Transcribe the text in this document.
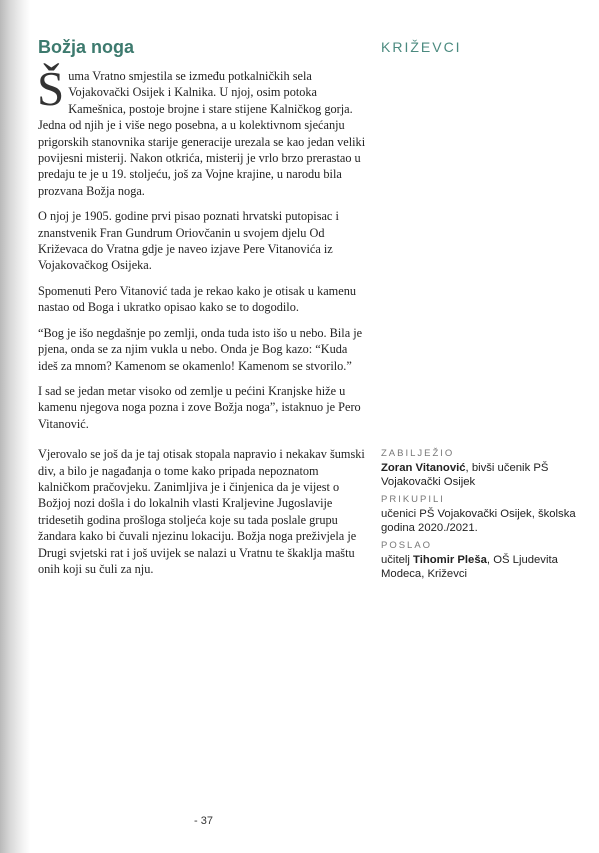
Božja noga	KRIŽEVCI

Šuma Vratno smjestila se između potkalničkih sela Vojakovački Osijek i Kalnika. U njoj, osim potoka Kamešnica, postoje brojne i stare stijene Kalničkog gorja. Jedna od njih je i više nego posebna, a u kolektivnom sjećanju prigorskih stanovnika starije generacije urezala se kao jedan veliki povijesni misterij. Nakon otkrića, misterij je vrlo brzo prerastao u predaju te je u 19. stoljeću, još za Vojne krajine, u narodu bila prozvana Božja noga.

O njoj je 1905. godine prvi pisao poznati hrvatski putopisac i znanstvenik Fran Gundrum Oriovčanin u svojem djelu Od Križevaca do Vratna gdje je naveo izjave Pere Vitanovića iz Vojakovačkog Osijeka.

Spomenuti Pero Vitanović tada je rekao kako je otisak u kamenu nastao od Boga i ukratko opisao kako se to dogodilo.

“Bog je išo negdašnje po zemlji, onda tuda isto išo u nebo. Bila je pjena, onda se za njim vukla u nebo. Onda je Bog kazo: “Kuda ideš za mnom? Kamenom se okamenlo! Kamenom se stvorilo.”

I sad se jedan metar visoko od zemlje u pećini Kranjske hiže u kamenu njegova noga pozna i zove Božja noga”, istaknuo je Pero Vitanović.

Vjerovalo se još da je taj otisak stopala napravio i nekakav šumski div, a bilo je nagađanja o tome kako pripada nepoznatom kalničkom pračovjeku. Zanimljiva je i činjenica da je vijest o Božjoj nozi došla i do lokalnih vlasti Kraljevine Jugoslavije tridesetih godina prošloga stoljeća koje su tada poslale grupu žandara kako bi čuvali njezinu lokaciju. Božja noga preživjela je Drugi svjetski rat i još uvijek se nalazi u Vratnu te škaklja maštu onih koji su čuli za nju.

ZABILJEŽIO
Zoran Vitanović, bivši učenik PŠ Vojakovački Osijek
PRIKUPILI
učenici PŠ Vojakovački Osijek, školska godina 2020./2021.
POSLAO
učitelj Tihomir Pleša, OŠ Ljudevita Modeca, Križevci
- 37
